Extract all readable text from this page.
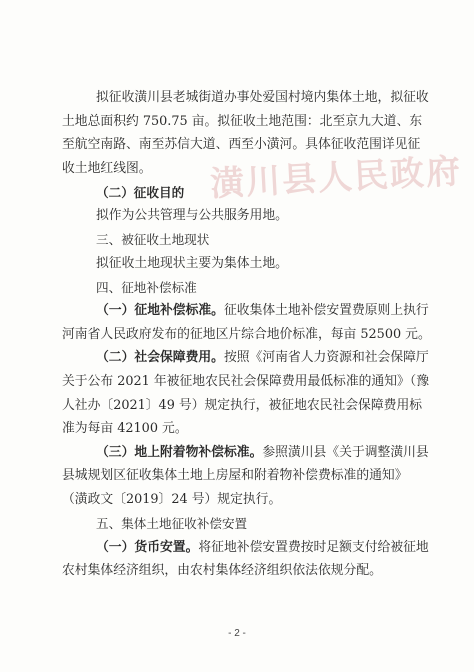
潢川县人民政府
拟征收潢川县老城街道办事处爱国村境内集体土地，拟征收
土地总面积约 750.75 亩。拟征收土地范围：北至京九大道、东
至航空南路、南至苏信大道、西至小潢河。具体征收范围详见征
收土地红线图。
（二）征收目的
拟作为公共管理与公共服务用地。
三、被征收土地现状
拟征收土地现状主要为集体土地。
四、征地补偿标准
（一）征地补偿标准。征收集体土地补偿安置费原则上执行
河南省人民政府发布的征地区片综合地价标准，每亩 52500 元。
（二）社会保障费用。按照《河南省人力资源和社会保障厅
关于公布 2021 年被征地农民社会保障费用最低标准的通知》（豫
人社办〔2021〕49 号）规定执行，被征地农民社会保障费用标
准为每亩 42100 元。
（三）地上附着物补偿标准。参照潢川县《关于调整潢川县
县城规划区征收集体土地上房屋和附着物补偿费标准的通知》
（潢政文〔2019〕24 号）规定执行。
五、集体土地征收补偿安置
（一）货币安置。将征地补偿安置费按时足额支付给被征地
农村集体经济组织，由农村集体经济组织依法依规分配。
- 2 -
